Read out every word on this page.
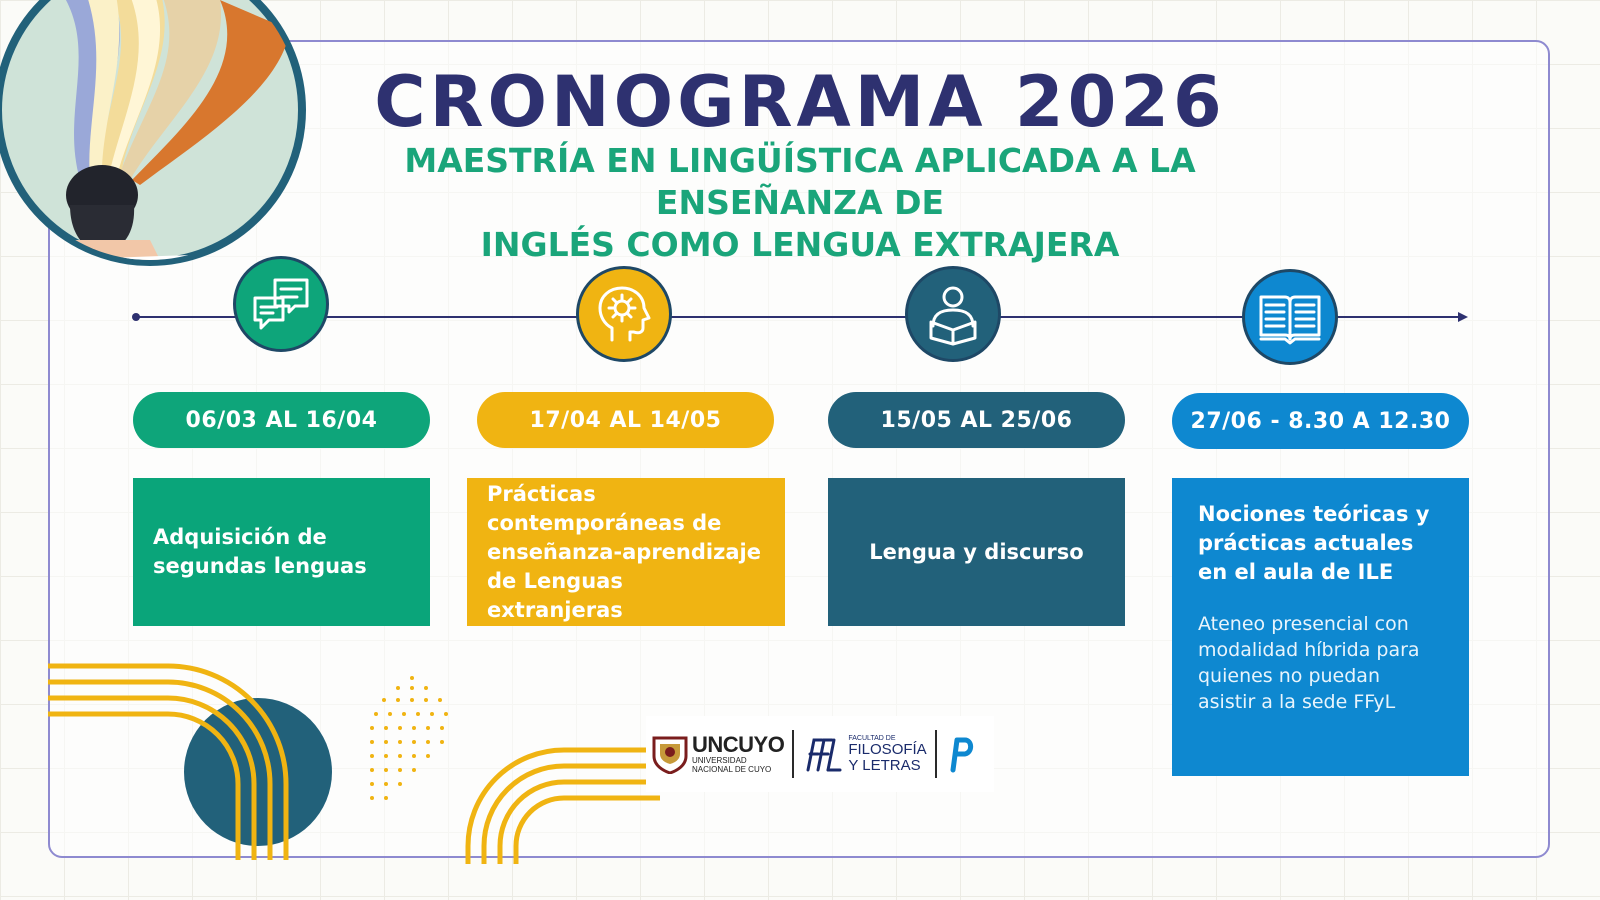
CRONOGRAMA 2026
MAESTRÍA EN LINGÜÍSTICA APLICADA A LA ENSEÑANZA DE
INGLÉS COMO LENGUA EXTRAJERA
06/03 AL 16/04	17/04 AL 14/05	15/05 AL 25/06	27/06 - 8.30 A 12.30
Adquisición de
segundas lenguas
Prácticas
contemporáneas de
enseñanza-aprendizaje
de Lenguas extranjeras
Lengua y discurso
Nociones teóricas y
prácticas actuales
en el aula de ILE
Ateneo presencial con
modalidad híbrida para
quienes no puedan
asistir a la sede FFyL
UNCUYO
UNIVERSIDAD
NACIONAL DE CUYO
FACULTAD DE
FILOSOFÍA
Y LETRAS
